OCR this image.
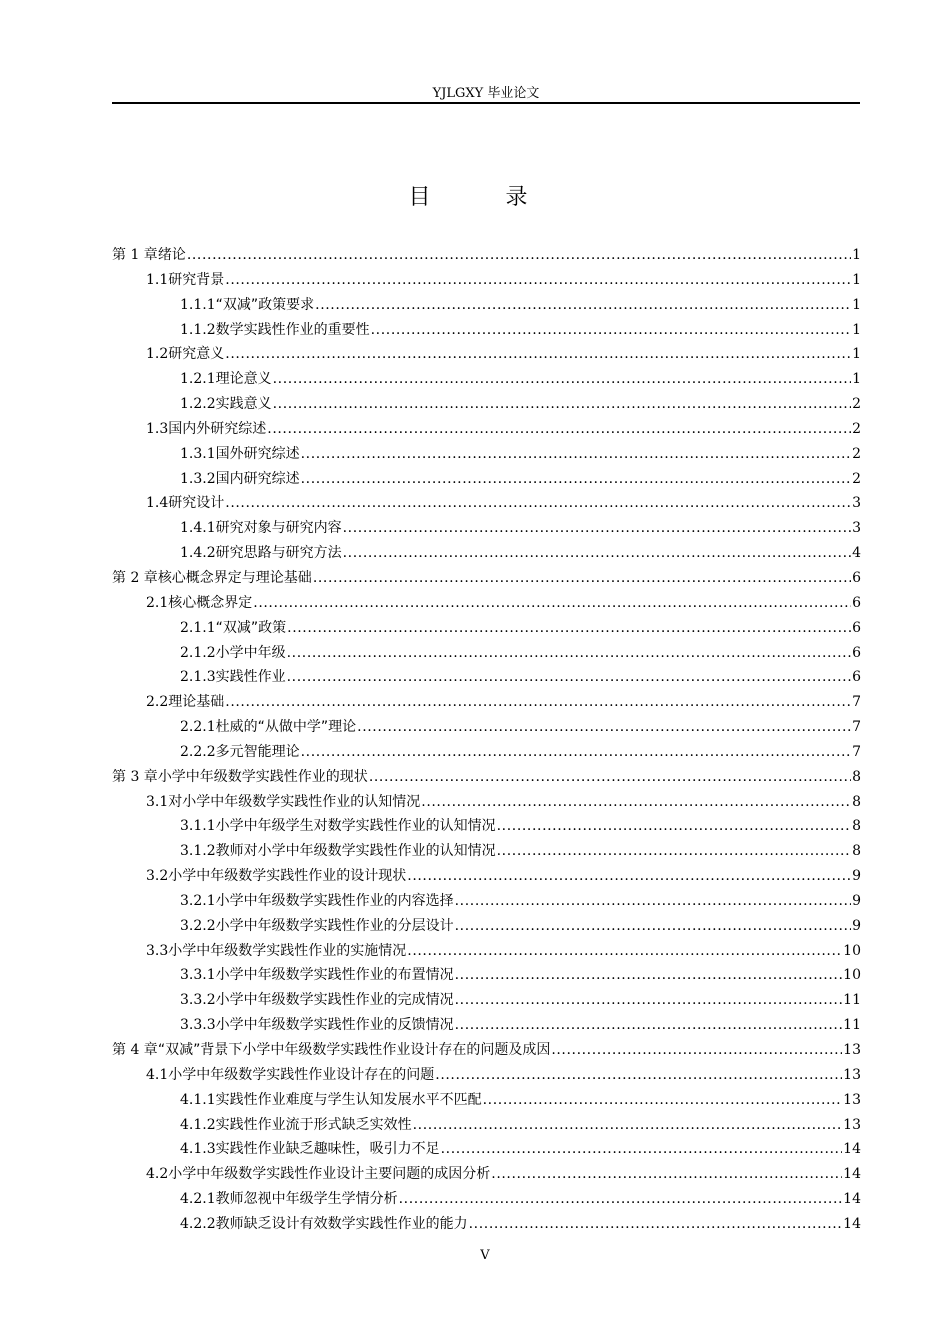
YJLGXY 毕业论文
目 录
第 1 章 绪论 .....	1
1.1 研究背景 .....	1
1.1.1 “双减”政策要求 .....	1
1.1.2 数学实践性作业的重要性 .....	1
1.2 研究意义 .....	1
1.2.1 理论意义 .....	1
1.2.2 实践意义 .....	2
1.3 国内外研究综述 .....	2
1.3.1 国外研究综述 .....	2
1.3.2 国内研究综述 .....	2
1.4 研究设计 .....	3
1.4.1 研究对象与研究内容 .....	3
1.4.2 研究思路与研究方法 .....	4
第 2 章 核心概念界定与理论基础 .....	6
2.1 核心概念界定 .....	6
2.1.1 “双减”政策 .....	6
2.1.2 小学中年级 .....	6
2.1.3 实践性作业 .....	6
2.2 理论基础 .....	7
2.2.1 杜威的“从做中学”理论 .....	7
2.2.2 多元智能理论 .....	7
第 3 章 小学中年级数学实践性作业的现状 .....	8
3.1 对小学中年级数学实践性作业的认知情况 .....	8
3.1.1 小学中年级学生对数学实践性作业的认知情况 .....	8
3.1.2 教师对小学中年级数学实践性作业的认知情况 .....	8
3.2 小学中年级数学实践性作业的设计现状 .....	9
3.2.1 小学中年级数学实践性作业的内容选择 .....	9
3.2.2 小学中年级数学实践性作业的分层设计 .....	9
3.3 小学中年级数学实践性作业的实施情况 .....	10
3.3.1 小学中年级数学实践性作业的布置情况 .....	10
3.3.2 小学中年级数学实践性作业的完成情况 .....	11
3.3.3 小学中年级数学实践性作业的反馈情况 .....	11
第 4 章 “双减”背景下小学中年级数学实践性作业设计存在的问题及成因 .....	13
4.1 小学中年级数学实践性作业设计存在的问题 .....	13
4.1.1 实践性作业难度与学生认知发展水平不匹配 .....	13
4.1.2 实践性作业流于形式缺乏实效性 .....	13
4.1.3 实践性作业缺乏趣味性，吸引力不足 .....	14
4.2 小学中年级数学实践性作业设计主要问题的成因分析 .....	14
4.2.1 教师忽视中年级学生学情分析 .....	14
4.2.2 教师缺乏设计有效数学实践性作业的能力 .....	14
V
